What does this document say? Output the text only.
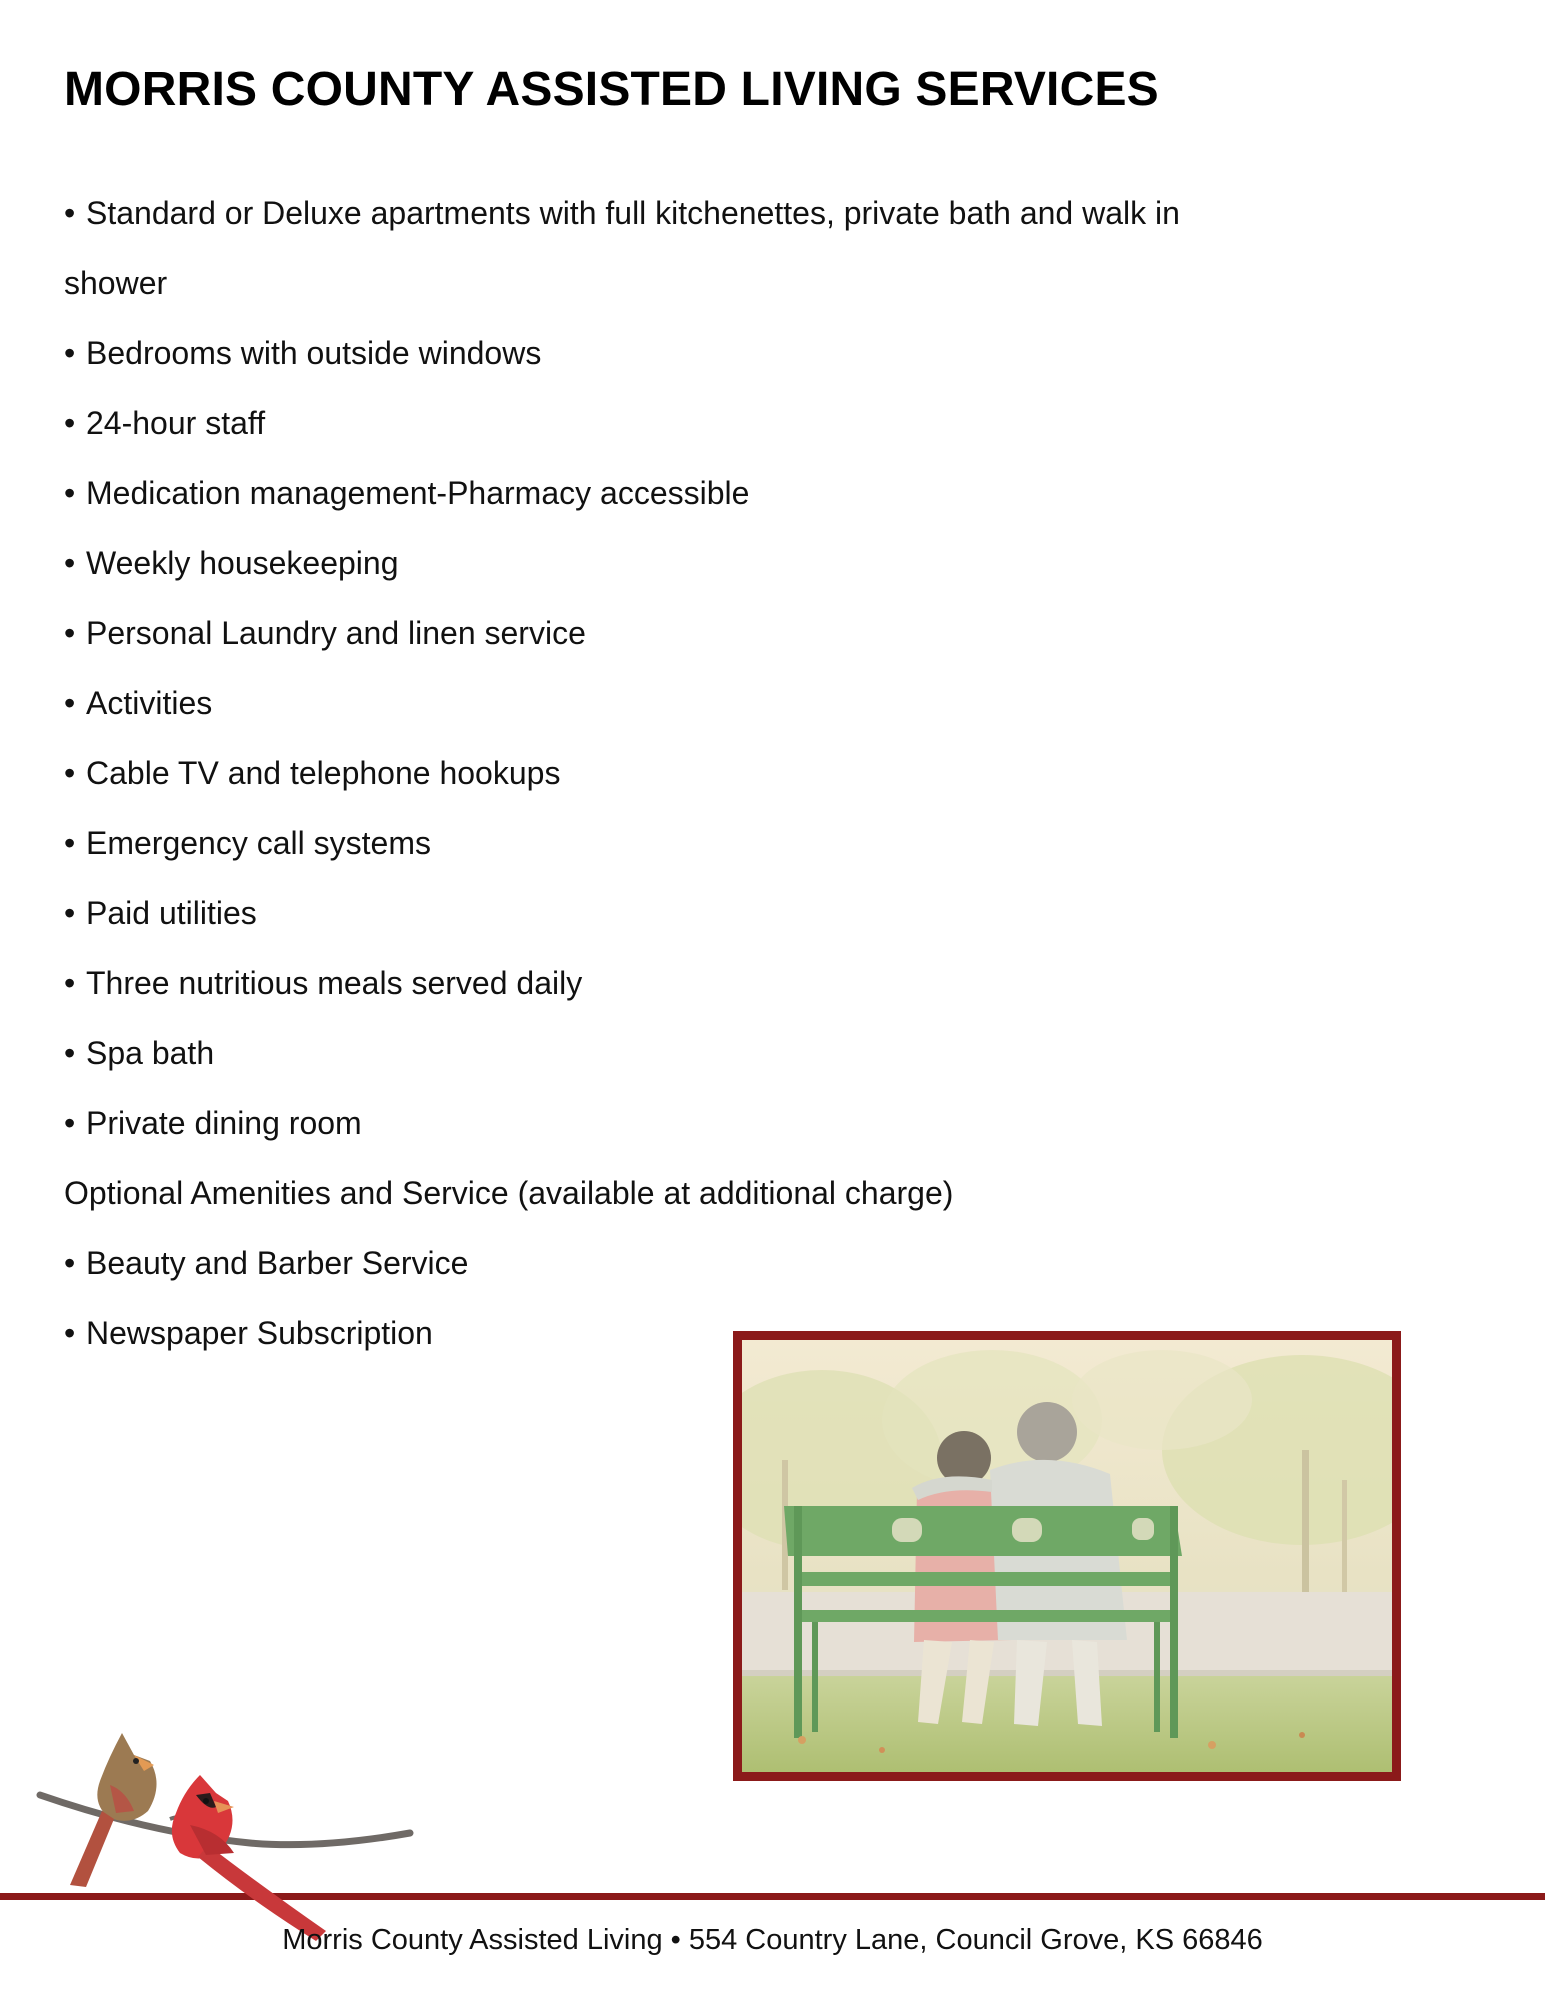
MORRIS COUNTY ASSISTED LIVING SERVICES

• Standard or Deluxe apartments with full kitchenettes, private bath and walk in

shower

• Bedrooms with outside windows

• 24-hour staff

• Medication management-Pharmacy accessible

• Weekly housekeeping

• Personal Laundry and linen service

• Activities

• Cable TV and telephone hookups

• Emergency call systems

• Paid utilities

• Three nutritious meals served daily

• Spa bath

• Private dining room

Optional Amenities and Service (available at additional charge)

• Beauty and Barber Service

• Newspaper Subscription

Morris County Assisted Living • 554 Country Lane, Council Grove, KS 66846
